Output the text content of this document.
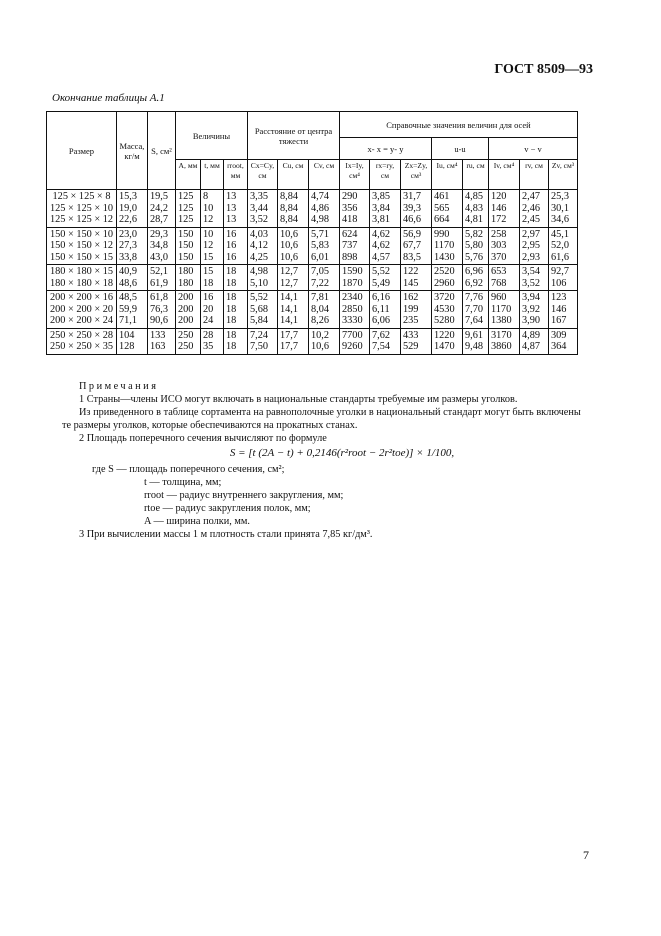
ГОСТ 8509—93
Окончание таблицы А.1
Размер	Масса, кг/м	S, см²	Величины			Расстояние от центра тяжести			Справочные значения величин для осей							
									x- x = y- y			u-u		v − v		
			A, мм	t, мм	rroot, мм	Cx=Cy, см	Cu, см	Cv, см	Ix=Iy, см⁴	rx=ry, см	Zx=Zy, см³	Iu, см⁴	ru, см	Iv, см⁴	rv, см	Zv, см³
125 × 125 × 8	15,3	19,5	125	8	13	3,35	8,84	4,74	290	3,85	31,7	461	4,85	120	2,47	25,3
125 × 125 × 10	19,0	24,2	125	10	13	3,44	8,84	4,86	356	3,84	39,3	565	4,83	146	2,46	30,1
125 × 125 × 12	22,6	28,7	125	12	13	3,52	8,84	4,98	418	3,81	46,6	664	4,81	172	2,45	34,6
150 × 150 × 10	23,0	29,3	150	10	16	4,03	10,6	5,71	624	4,62	56,9	990	5,82	258	2,97	45,1
150 × 150 × 12	27,3	34,8	150	12	16	4,12	10,6	5,83	737	4,62	67,7	1170	5,80	303	2,95	52,0
150 × 150 × 15	33,8	43,0	150	15	16	4,25	10,6	6,01	898	4,57	83,5	1430	5,76	370	2,93	61,6
180 × 180 × 15	40,9	52,1	180	15	18	4,98	12,7	7,05	1590	5,52	122	2520	6,96	653	3,54	92,7
180 × 180 × 18	48,6	61,9	180	18	18	5,10	12,7	7,22	1870	5,49	145	2960	6,92	768	3,52	106
200 × 200 × 16	48,5	61,8	200	16	18	5,52	14,1	7,81	2340	6,16	162	3720	7,76	960	3,94	123
200 × 200 × 20	59,9	76,3	200	20	18	5,68	14,1	8,04	2850	6,11	199	4530	7,70	1170	3,92	146
200 × 200 × 24	71,1	90,6	200	24	18	5,84	14,1	8,26	3330	6,06	235	5280	7,64	1380	3,90	167
250 × 250 × 28	104	133	250	28	18	7,24	17,7	10,2	7700	7,62	433	1220	9,61	3170	4,89	309
250 × 250 × 35	128	163	250	35	18	7,50	17,7	10,6	9260	7,54	529	1470	9,48	3860	4,87	364

Примечания

1 Страны—члены ИСО могут включать в национальные стандарты требуемые им размеры уголков.

Из приведенного в таблице сортамента на равнополочные уголки в национальный стандарт могут быть включены те размеры уголков, которые обеспечиваются на прокатных станах.

2 Площадь поперечного сечения вычисляют по формуле

S = [t (2A − t) + 0,2146(r²root − 2r²toe)] × 1/100,

где S — площадь поперечного сечения, см²;

t — толщина, мм;

rroot — радиус внутреннего закругления, мм;

rtoe — радиус закругления полок, мм;

A — ширина полки, мм.

3 При вычислении массы 1 м плотность стали принята 7,85 кг/дм³.

7
